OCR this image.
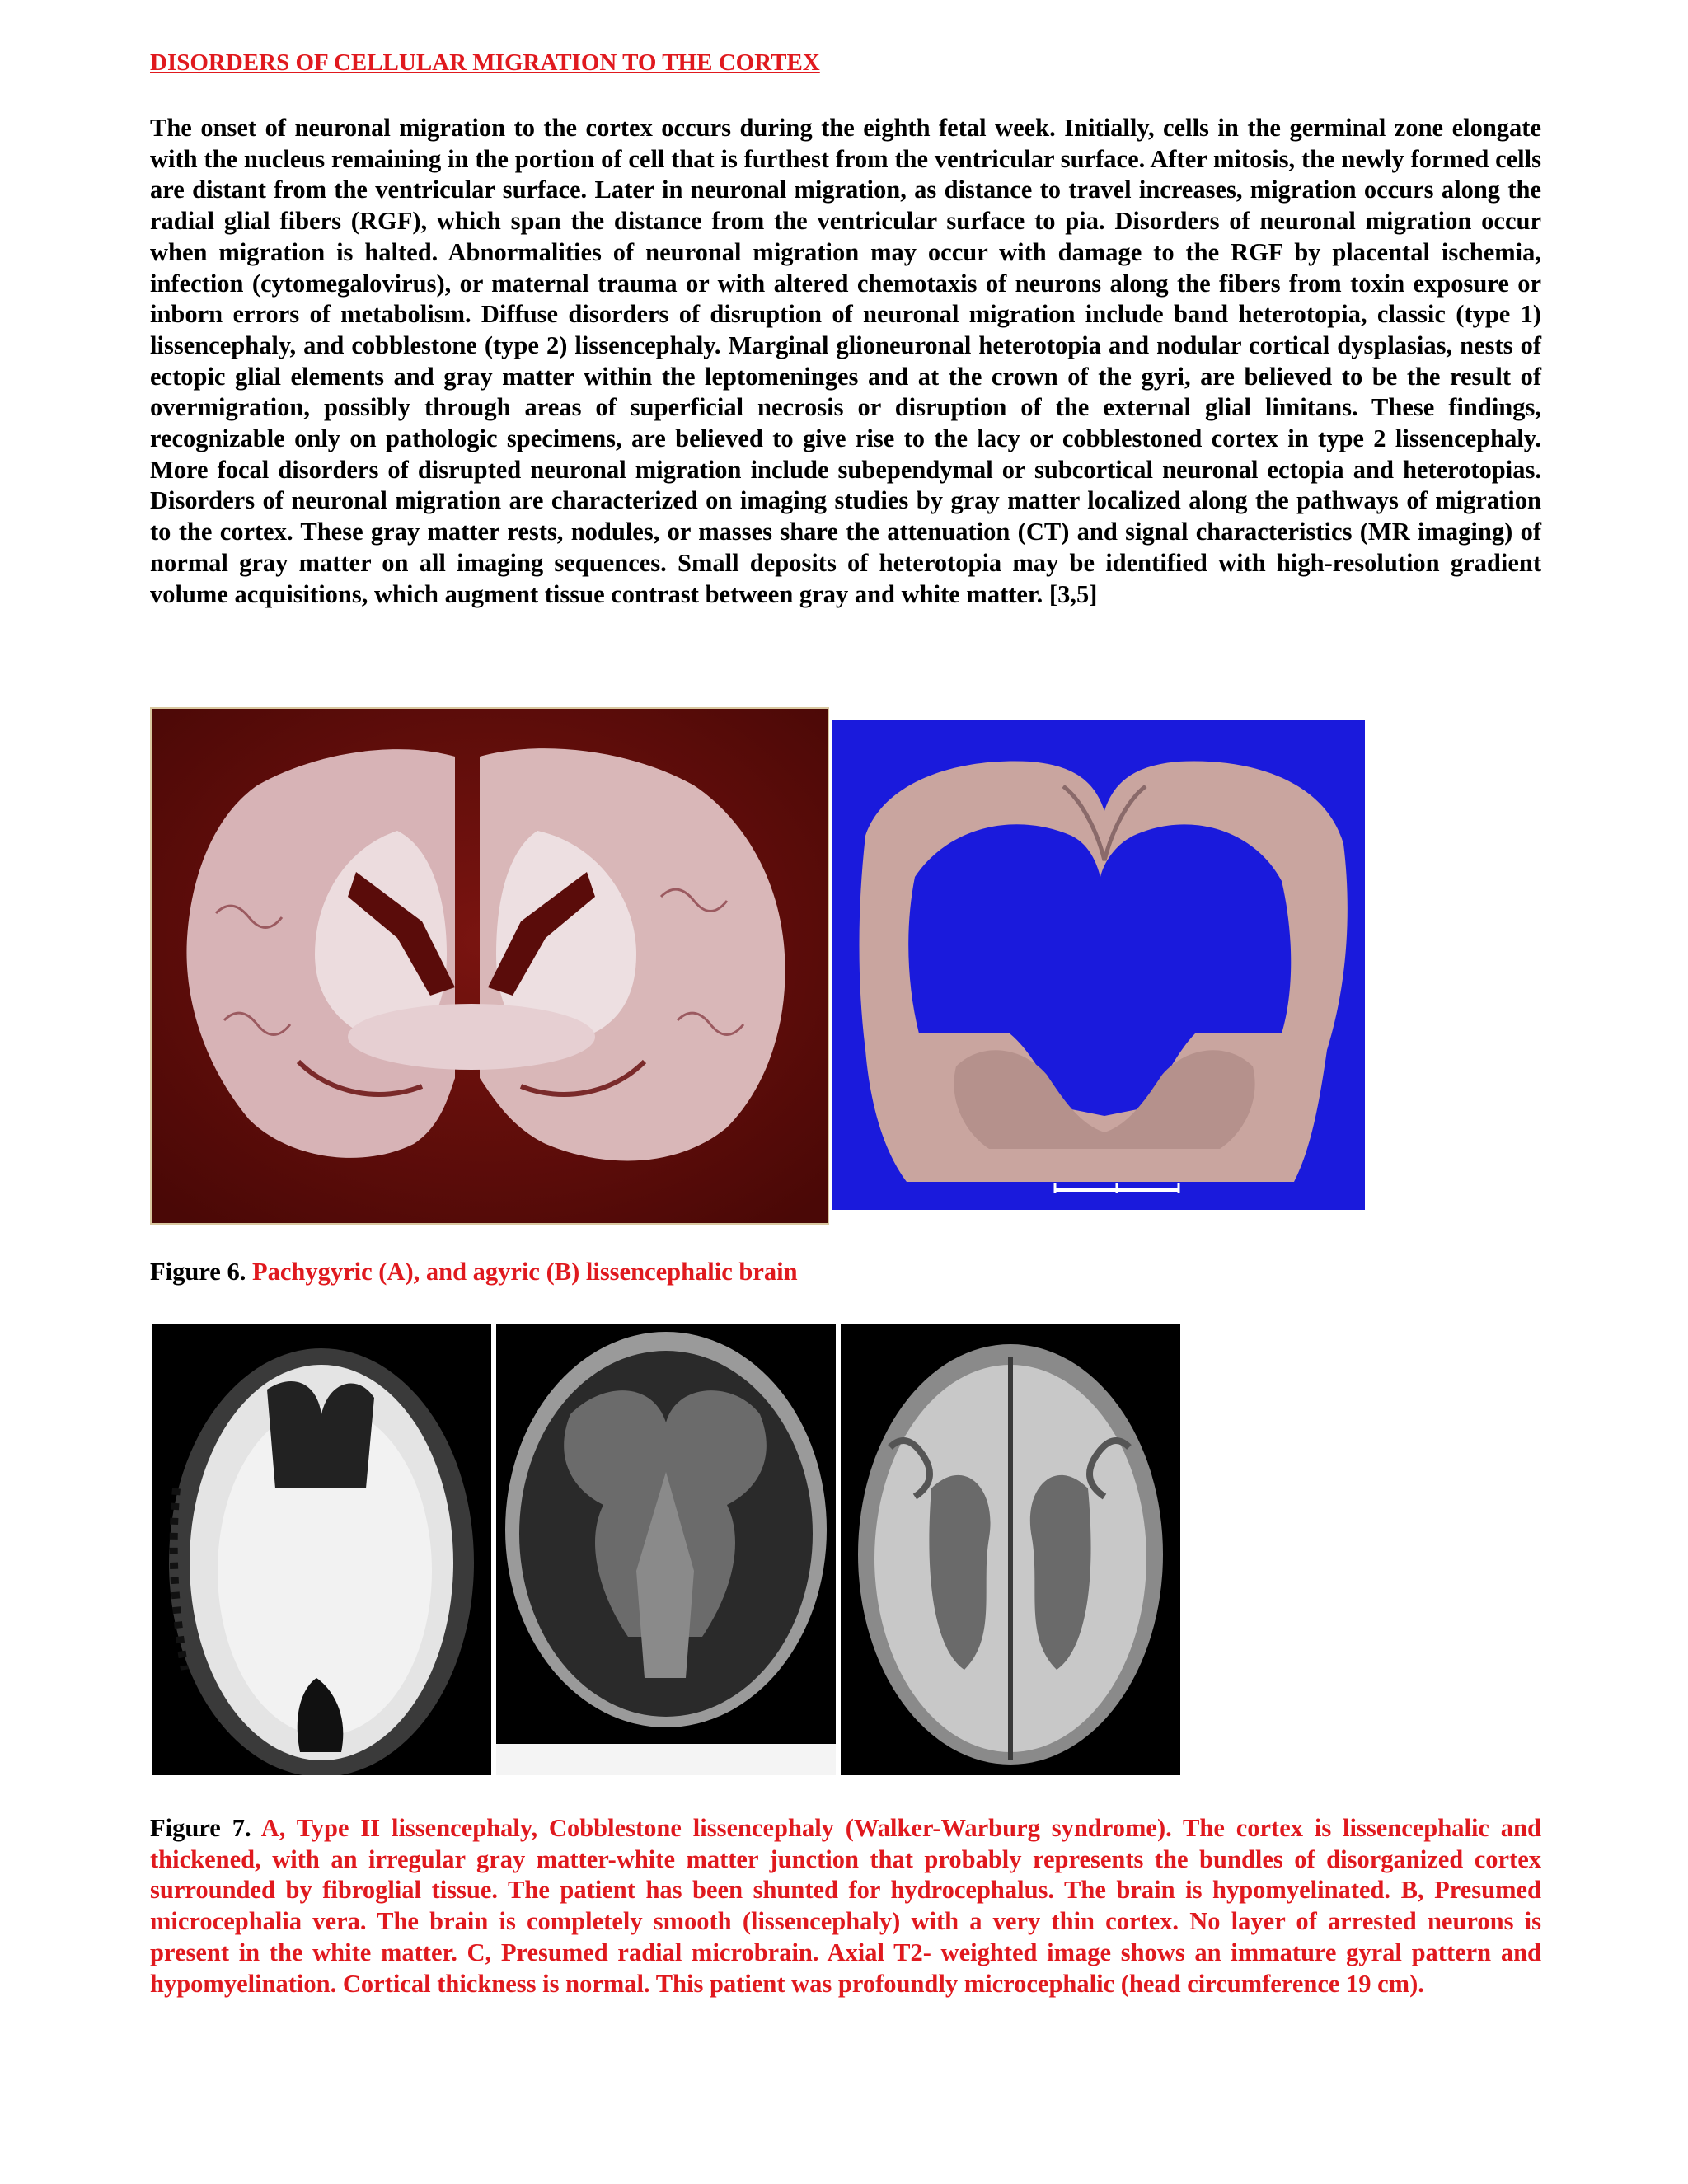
DISORDERS OF CELLULAR MIGRATION TO THE CORTEX

The onset of neuronal migration to the cortex occurs during the eighth fetal week. Initially, cells in the germinal zone elongate with the nucleus remaining in the portion of cell that is furthest from the ventricular surface. After mitosis, the newly formed cells are distant from the ventricular surface. Later in neuronal migration, as distance to travel increases, migration occurs along the radial glial fibers (RGF), which span the distance from the ventricular surface to pia. Disorders of neuronal migration occur when migration is halted. Abnormalities of neuronal migration may occur with damage to the RGF by placental ischemia, infection (cytomegalovirus), or maternal trauma or with altered chemotaxis of neurons along the fibers from toxin exposure or inborn errors of metabolism. Diffuse disorders of disruption of neuronal migration include band heterotopia, classic (type 1) lissencephaly, and cobblestone (type 2) lissencephaly. Marginal glioneuronal heterotopia and nodular cortical dysplasias, nests of ectopic glial elements and gray matter within the leptomeninges and at the crown of the gyri, are believed to be the result of overmigration, possibly through areas of superficial necrosis or disruption of the external glial limitans. These findings, recognizable only on pathologic specimens, are believed to give rise to the lacy or cobblestoned cortex in type 2 lissencephaly. More focal disorders of disrupted neuronal migration include subependymal or subcortical neuronal ectopia and heterotopias. Disorders of neuronal migration are characterized on imaging studies by gray matter localized along the pathways of migration to the cortex. These gray matter rests, nodules, or masses share the attenuation (CT) and signal characteristics (MR imaging) of normal gray matter on all imaging sequences. Small deposits of heterotopia may be identified with high-resolution gradient volume acquisitions, which augment tissue contrast between gray and white matter. [3,5]

Figure 6. Pachygyric (A), and agyric (B) lissencephalic brain

Figure 7. A, Type II lissencephaly, Cobblestone lissencephaly (Walker-Warburg syndrome). The cortex is lissencephalic and thickened, with an irregular gray matter-white matter junction that probably represents the bundles of disorganized cortex surrounded by fibroglial tissue. The patient has been shunted for hydrocephalus. The brain is hypomyelinated. B, Presumed microcephalia vera. The brain is completely smooth (lissencephaly) with a very thin cortex. No layer of arrested neurons is present in the white matter. C, Presumed radial microbrain. Axial T2- weighted image shows an immature gyral pattern and hypomyelination. Cortical thickness is normal. This patient was profoundly microcephalic (head circumference 19 cm).
